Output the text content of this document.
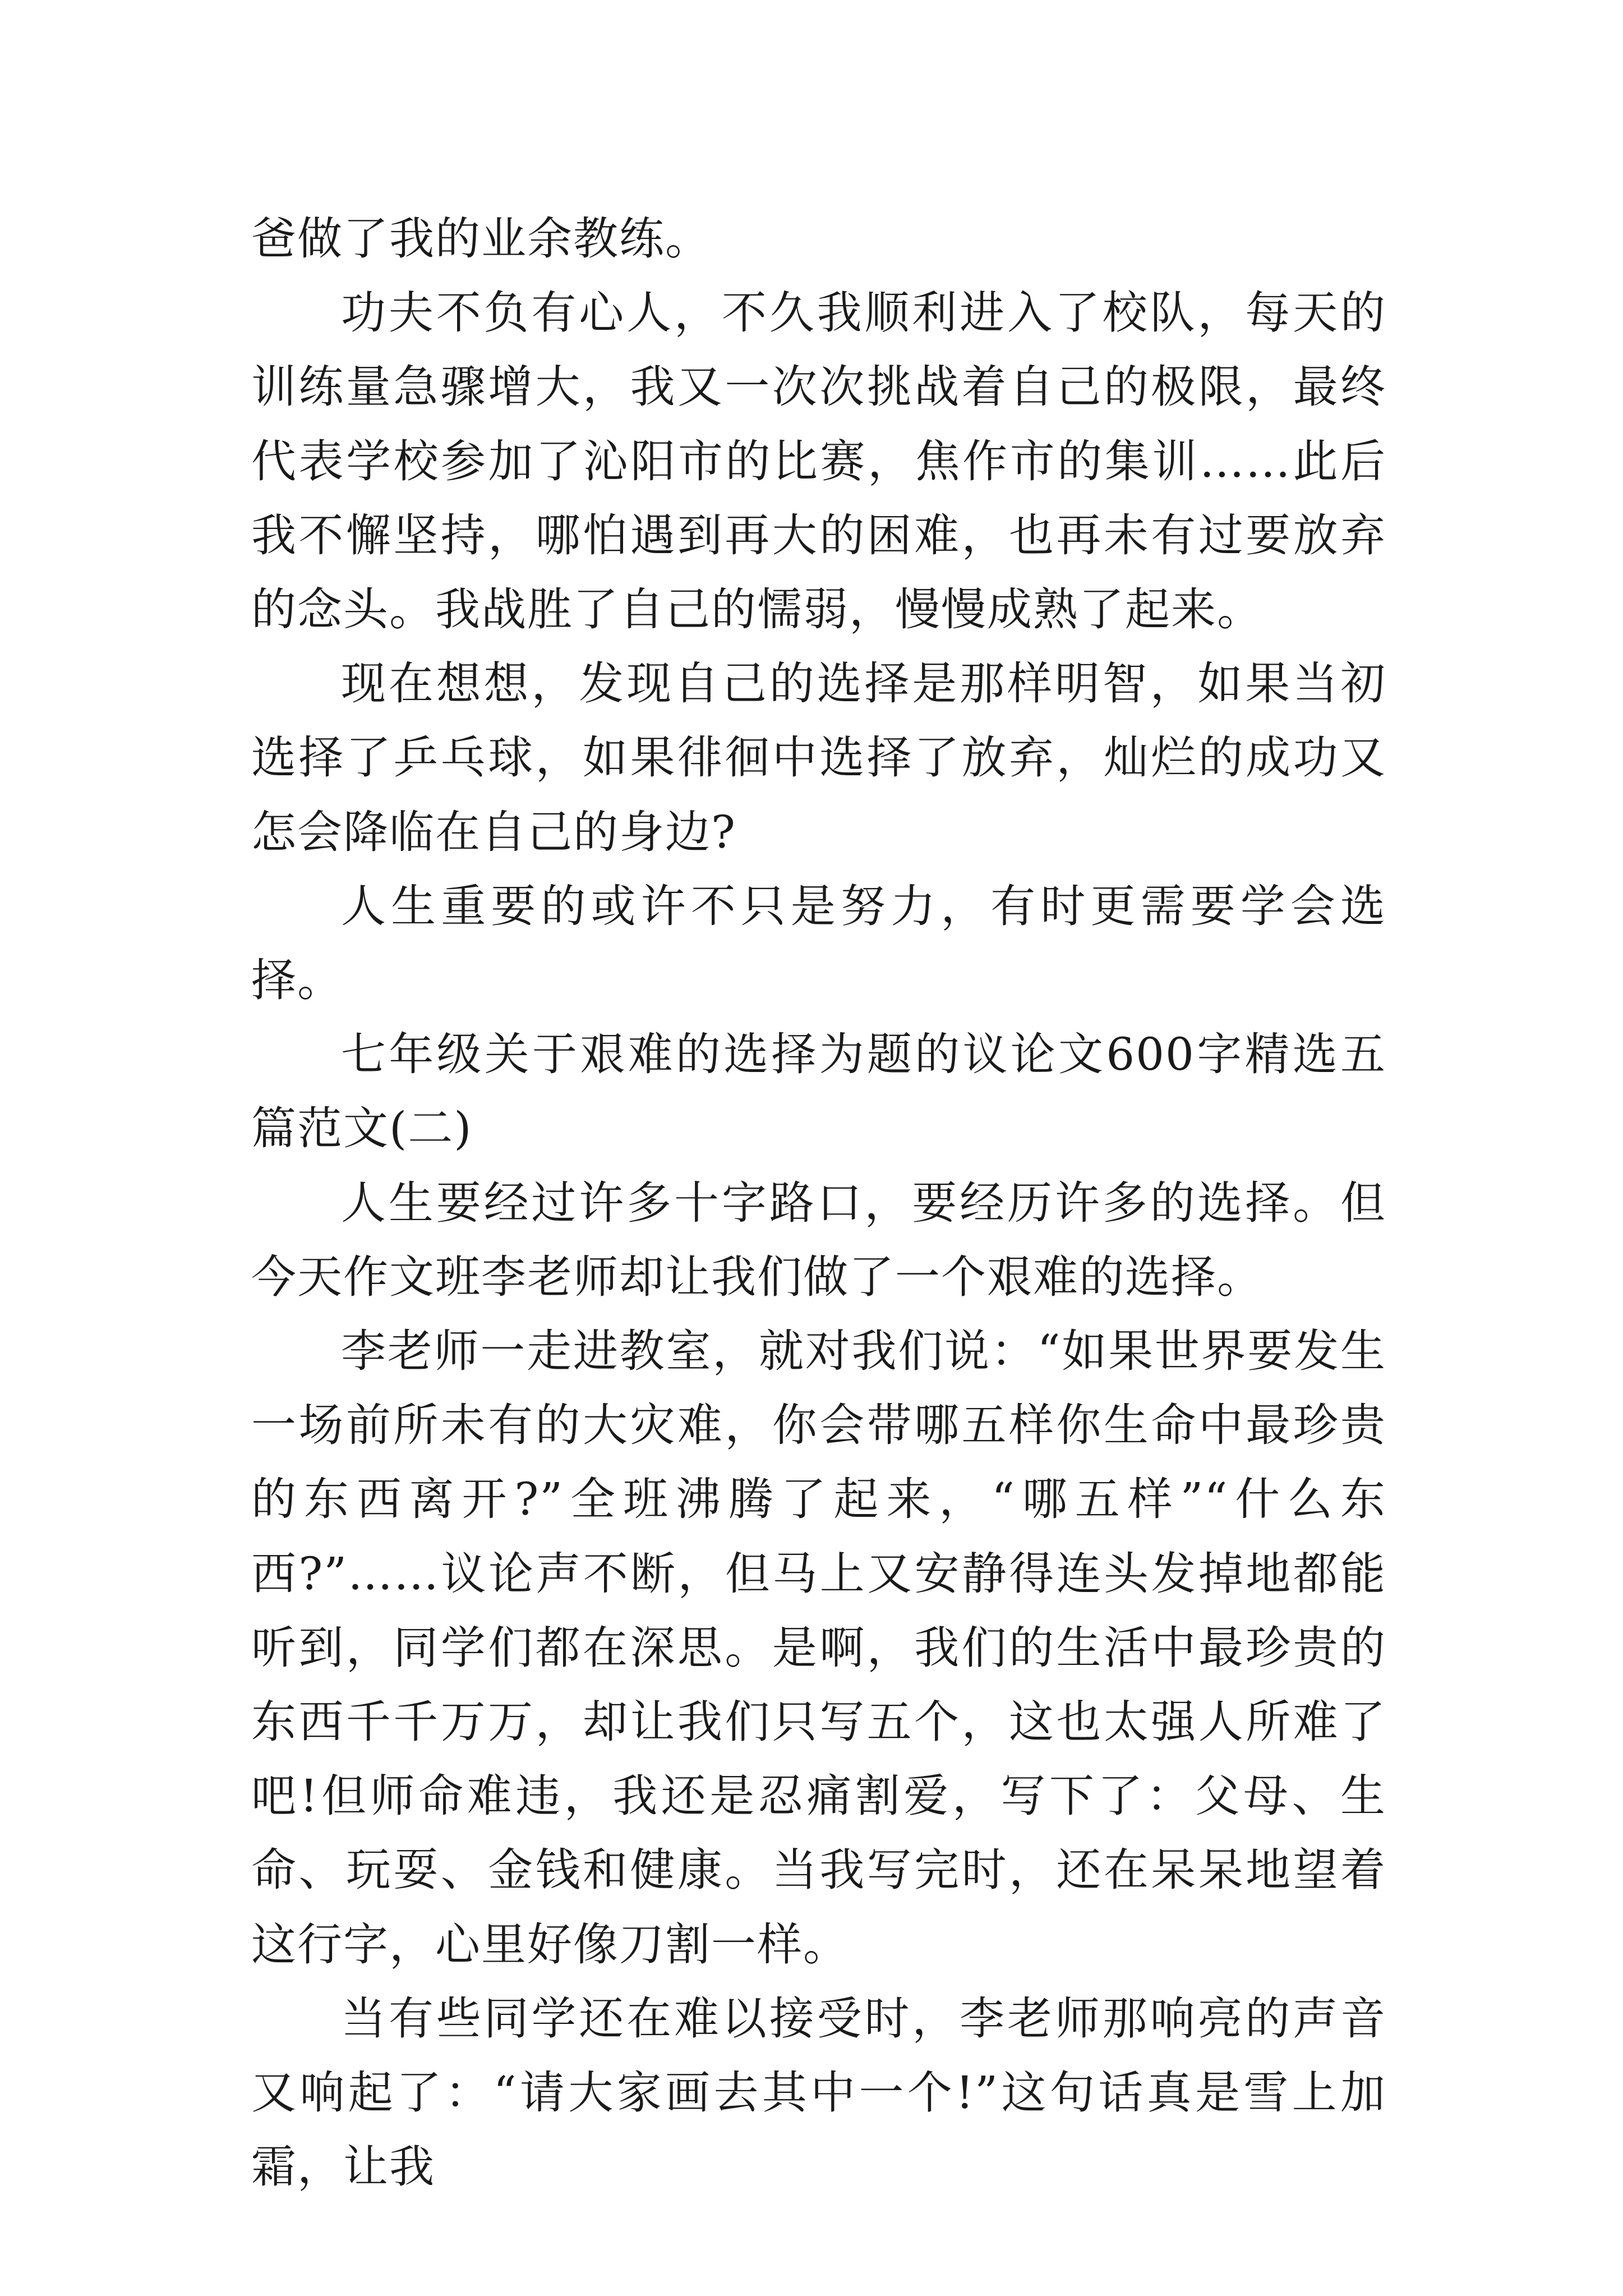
爸做了我的业余教练。

功夫不负有心人，不久我顺利进入了校队，每天的训练量急骤增大，我又一次次挑战着自己的极限，最终代表学校参加了沁阳市的比赛，焦作市的集训……此后我不懈坚持，哪怕遇到再大的困难，也再未有过要放弃的念头。我战胜了自己的懦弱，慢慢成熟了起来。

现在想想，发现自己的选择是那样明智，如果当初选择了乒乓球，如果徘徊中选择了放弃，灿烂的成功又怎会降临在自己的身边?

人生重要的或许不只是努力，有时更需要学会选择。

七年级关于艰难的选择为题的议论文600字精选五篇范文(二)

人生要经过许多十字路口，要经历许多的选择。但今天作文班李老师却让我们做了一个艰难的选择。

李老师一走进教室，就对我们说：“如果世界要发生一场前所未有的大灾难，你会带哪五样你生命中最珍贵的东西离开?”全班沸腾了起来，“哪五样”“什么东西?”……议论声不断，但马上又安静得连头发掉地都能听到，同学们都在深思。是啊，我们的生活中最珍贵的东西千千万万，却让我们只写五个，这也太强人所难了吧!但师命难违，我还是忍痛割爱，写下了：父母、生命、玩耍、金钱和健康。当我写完时，还在呆呆地望着这行字，心里好像刀割一样。

当有些同学还在难以接受时，李老师那响亮的声音又响起了：“请大家画去其中一个!”这句话真是雪上加霜，让我
